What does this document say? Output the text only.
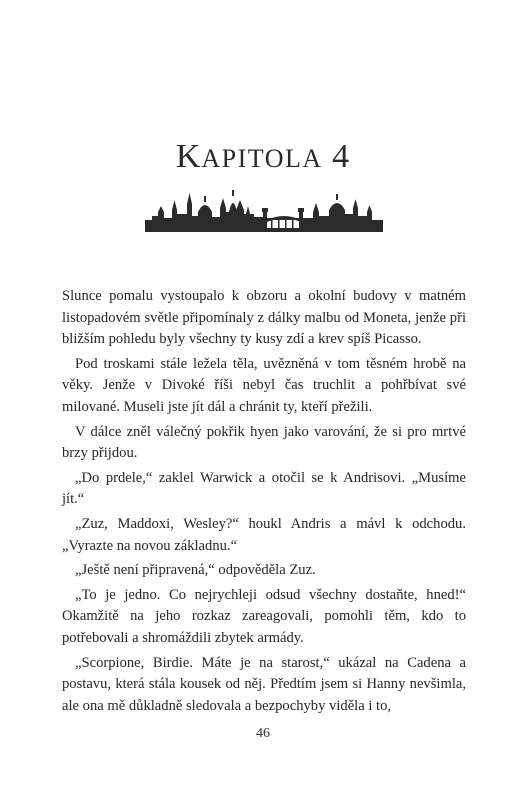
KAPITOLA 4

Slunce pomalu vystoupalo k obzoru a okolní budovy v matném listopadovém světle připomínaly z dálky malbu od Moneta, jenže při bližším pohledu byly všechny ty kusy zdí a krev spíš Picasso.

Pod troskami stále ležela těla, uvězněná v tom těsném hrobě na věky. Jenže v Divoké říši nebyl čas truchlit a pohřbívat své milované. Museli jste jít dál a chránit ty, kteří přežili.

V dálce zněl válečný pokřik hyen jako varování, že si pro mrtvé brzy přijdou.

„Do prdele,“ zaklel Warwick a otočil se k Andrisovi. „Musíme jít.“

„Zuz, Maddoxi, Wesley?“ houkl Andris a mávl k odchodu. „Vyrazte na novou základnu.“

„Ještě není připravená,“ odpověděla Zuz.

„To je jedno. Co nejrychleji odsud všechny dostaňte, hned!“ Okamžitě na jeho rozkaz zareagovali, pomohli těm, kdo to potřebovali a shromáždili zbytek armády.

„Scorpione, Birdie. Máte je na starost,“ ukázal na Cadena a postavu, která stála kousek od něj. Předtím jsem si Hanny nevšimla, ale ona mě důkladně sledovala a bezpochyby viděla i to,

46
